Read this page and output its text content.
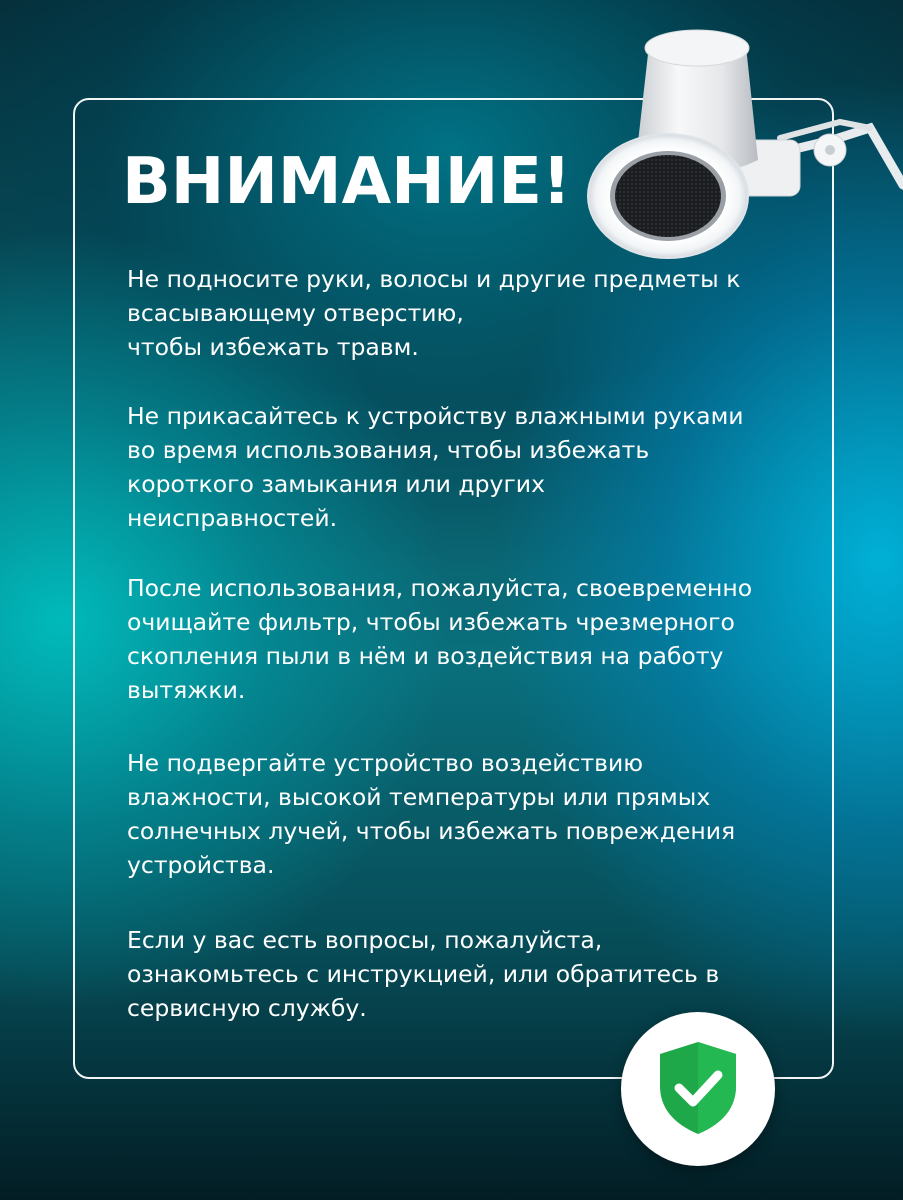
ВНИМАНИЕ!

Не подносите руки, волосы и другие предметы к
всасывающему отверстию,
чтобы избежать травм.

Не прикасайтесь к устройству влажными руками
во время использования, чтобы избежать
короткого замыкания или других
неисправностей.

После использования, пожалуйста, своевременно
очищайте фильтр, чтобы избежать чрезмерного
скопления пыли в нём и воздействия на работу
вытяжки.

Не подвергайте устройство воздействию
влажности, высокой температуры или прямых
солнечных лучей, чтобы избежать повреждения
устройства.

Если у вас есть вопросы, пожалуйста,
ознакомьтесь с инструкцией, или обратитесь в
сервисную службу.
